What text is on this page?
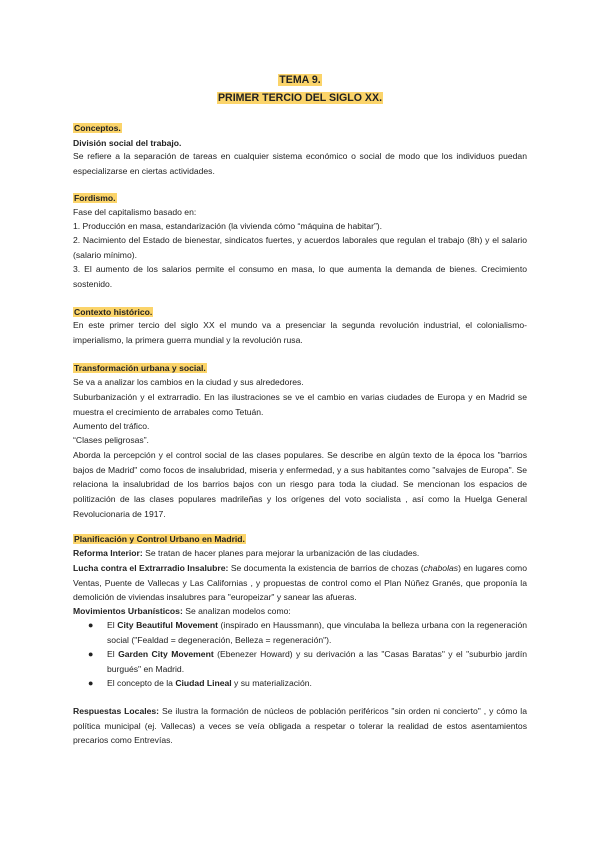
TEMA 9.
PRIMER TERCIO DEL SIGLO XX.
Conceptos.
División social del trabajo.
Se refiere a la separación de tareas en cualquier sistema económico o social de modo que los individuos puedan especializarse en ciertas actividades.
Fordismo.
Fase del capitalismo basado en:
1. Producción en masa, estandarización (la vivienda cómo “máquina de habitar”).
2. Nacimiento del Estado de bienestar, sindicatos fuertes, y acuerdos laborales que regulan el trabajo (8h) y el salario (salario mínimo).
3. El aumento de los salarios permite el consumo en masa, lo que aumenta la demanda de bienes. Crecimiento sostenido.
Contexto histórico.
En este primer tercio del siglo XX el mundo va a presenciar la segunda revolución industrial, el colonialismo-imperialismo, la primera guerra mundial y la revolución rusa.
Transformación urbana y social.
Se va a analizar los cambios en la ciudad y sus alrededores.
Suburbanización y el extrarradio. En las ilustraciones se ve el cambio en varias ciudades de Europa y en Madrid se muestra el crecimiento de arrabales como Tetuán.
Aumento del tráfico.
“Clases peligrosas”.
Aborda la percepción y el control social de las clases populares. Se describe en algún texto de la época los "barrios bajos de Madrid" como focos de insalubridad, miseria y enfermedad, y a sus habitantes como "salvajes de Europa". Se relaciona la insalubridad de los barrios bajos con un riesgo para toda la ciudad. Se mencionan los espacios de politización de las clases populares madrileñas y los orígenes del voto socialista , así como la Huelga General Revolucionaria de 1917.
Planificación y Control Urbano en Madrid.
Reforma Interior: Se tratan de hacer planes para mejorar la urbanización de las ciudades.
Lucha contra el Extrarradio Insalubre: Se documenta la existencia de barrios de chozas (chabolas) en lugares como Ventas, Puente de Vallecas y Las Californias , y propuestas de control como el Plan Núñez Granés, que proponía la demolición de viviendas insalubres para "europeizar" y sanear las afueras.
Movimientos Urbanísticos: Se analizan modelos como:
● El City Beautiful Movement (inspirado en Haussmann), que vinculaba la belleza urbana con la regeneración social ("Fealdad = degeneración, Belleza = regeneración").
● El Garden City Movement (Ebenezer Howard) y su derivación a las "Casas Baratas" y el "suburbio jardín burgués" en Madrid.
● El concepto de la Ciudad Lineal y su materialización.
Respuestas Locales: Se ilustra la formación de núcleos de población periféricos "sin orden ni concierto" , y cómo la política municipal (ej. Vallecas) a veces se veía obligada a respetar o tolerar la realidad de estos asentamientos precarios como Entrevías.
